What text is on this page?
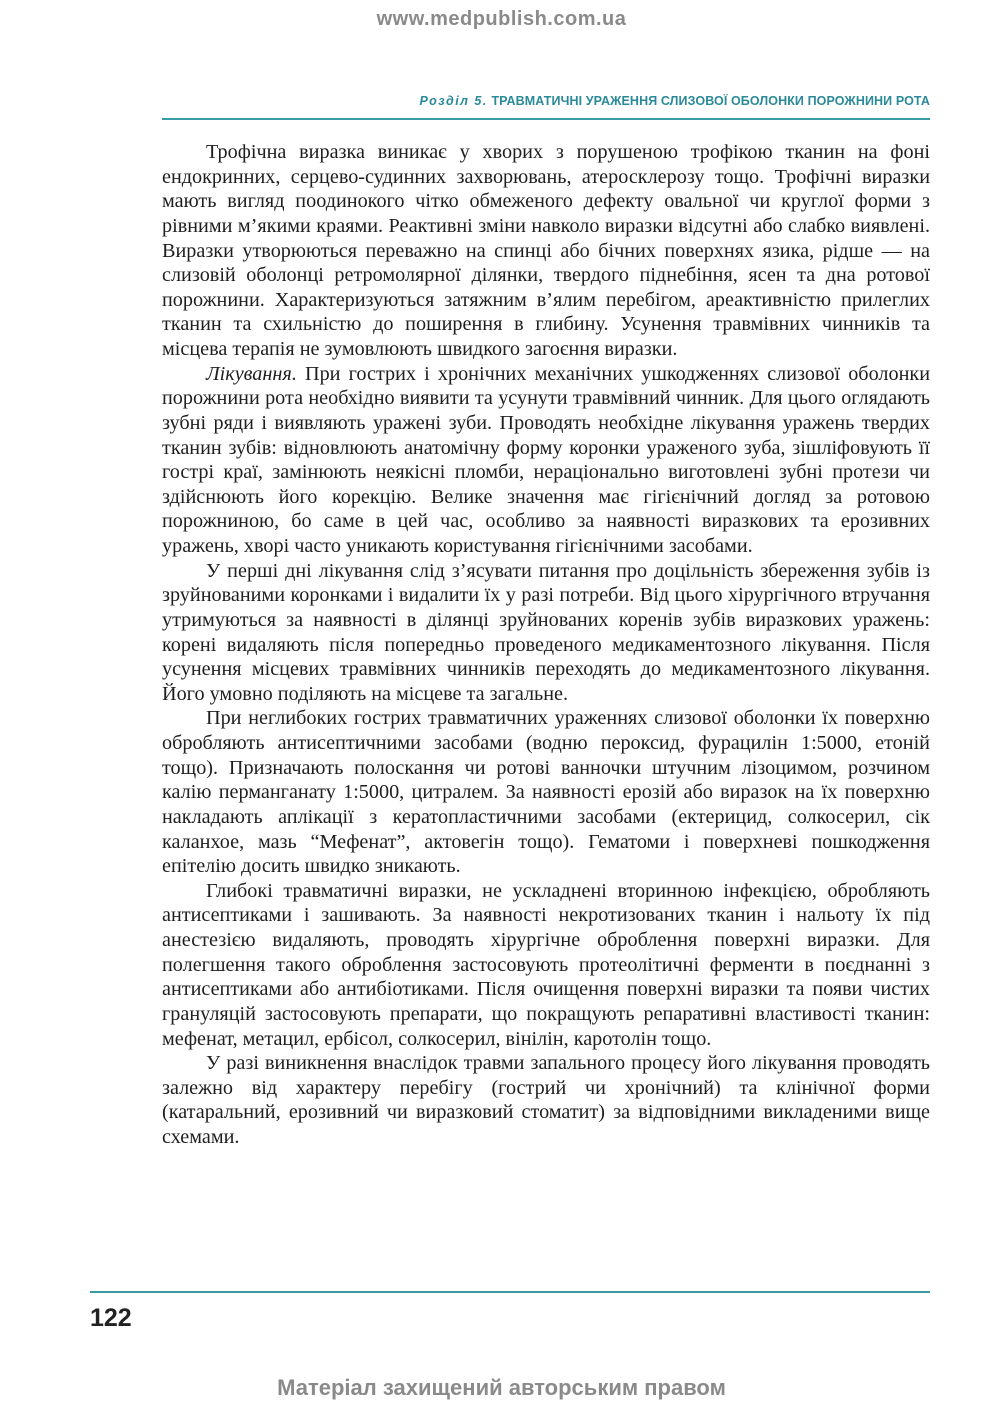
www.medpublish.com.ua
Розділ 5. ТРАВМАТИЧНІ УРАЖЕННЯ СЛИЗОВОЇ ОБОЛОНКИ ПОРОЖНИНИ РОТА

Трофічна виразка виникає у хворих з порушеною трофікою тканин на фоні ендокринних, серцево-судинних захворювань, атеросклерозу тощо. Трофічні виразки мають вигляд поодинокого чітко обмеженого дефекту овальної чи круглої форми з рівними м’якими краями. Реактивні зміни навколо виразки відсутні або слабко виявлені. Виразки утворюються переважно на спинці або бічних поверхнях язика, рідше — на слизовій оболонці ретромолярної ділянки, твердого піднебіння, ясен та дна ротової порожнини. Характеризуються затяжним в’ялим перебігом, ареактивністю прилеглих тканин та схильністю до поширення в глибину. Усунення травмівних чинників та місцева терапія не зумовлюють швидкого загоєння виразки.

Лікування. При гострих і хронічних механічних ушкодженнях слизової оболонки порожнини рота необхідно виявити та усунути травмівний чинник. Для цього оглядають зубні ряди і виявляють уражені зуби. Проводять необхідне лікування уражень твердих тканин зубів: відновлюють анатомічну форму коронки ураженого зуба, зішліфовують її гострі краї, замінюють неякісні пломби, нераціонально виготовлені зубні протези чи здійснюють його корекцію. Велике значення має гігієнічний догляд за ротовою порожниною, бо саме в цей час, особливо за наявності виразкових та ерозивних уражень, хворі часто уникають користування гігієнічними засобами.

У перші дні лікування слід з’ясувати питання про доцільність збереження зубів із зруйнованими коронками і видалити їх у разі потреби. Від цього хірургічного втручання утримуються за наявності в ділянці зруйнованих коренів зубів виразкових уражень: корені видаляють після попередньо проведеного медикаментозного лікування. Після усунення місцевих травмівних чинників переходять до медикаментозного лікування. Його умовно поділяють на місцеве та загальне.

При неглибоких гострих травматичних ураженнях слизової оболонки їх поверхню обробляють антисептичними засобами (водню пероксид, фурацилін 1:5000, етоній тощо). Призначають полоскання чи ротові ванночки штучним лізоцимом, розчином калію перманганату 1:5000, цитралем. За наявності ерозій або виразок на їх поверхню накладають аплікації з кератопластичними засобами (ектерицид, солкосерил, сік каланхое, мазь “Мефенат”, актовегін тощо). Гематоми і поверхневі пошкодження епітелію досить швидко зникають.

Глибокі травматичні виразки, не ускладнені вторинною інфекцією, обробляють антисептиками і зашивають. За наявності некротизованих тканин і нальоту їх під анестезією видаляють, проводять хірургічне оброблення поверхні виразки. Для полегшення такого оброблення застосовують протеолітичні ферменти в поєднанні з антисептиками або антибіотиками. Після очищення поверхні виразки та появи чистих грануляцій застосовують препарати, що покращують репаративні властивості тканин: мефенат, метацил, ербісол, солкосерил, вінілін, каротолін тощо.

У разі виникнення внаслідок травми запального процесу його лікування проводять залежно від характеру перебігу (гострий чи хронічний) та клінічної форми (катаральний, ерозивний чи виразковий стоматит) за відповідними викладеними вище схемами.

122
Матеріал захищений авторським правом
